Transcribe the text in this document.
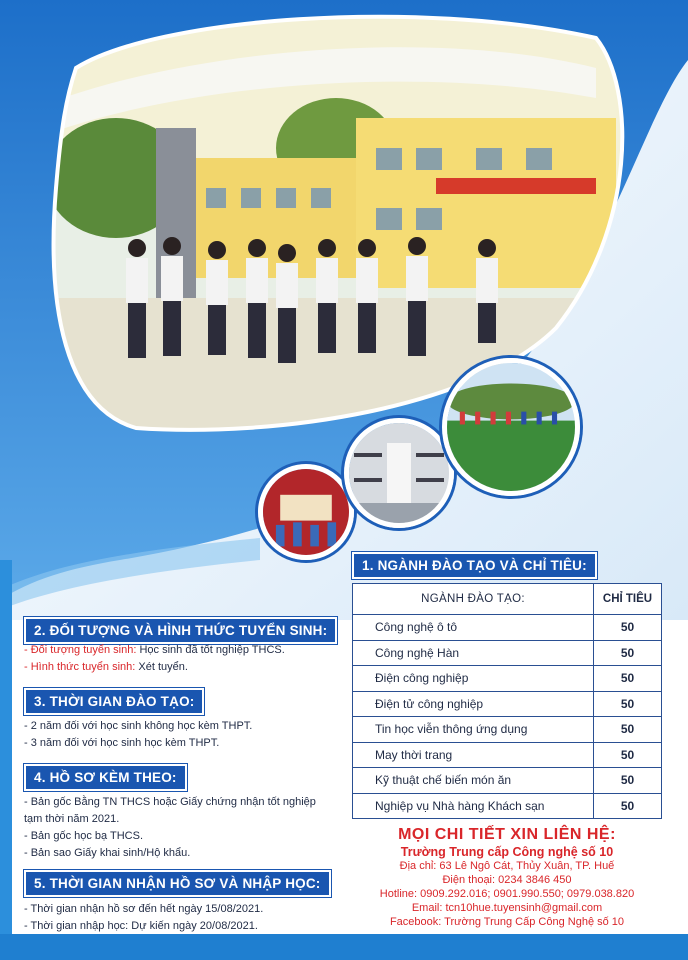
1. NGÀNH ĐÀO TẠO VÀ CHỈ TIÊU:
NGÀNH ĐÀO TẠO:	CHỈ TIÊU
Công nghệ ô tô	50
Công nghệ Hàn	50
Điện công nghiệp	50
Điện tử công nghiệp	50
Tin học viễn thông ứng dụng	50
May thời trang	50
Kỹ thuật chế biến món ăn	50
Nghiệp vụ Nhà hàng Khách sạn	50
2. ĐỐI TƯỢNG VÀ HÌNH THỨC TUYỂN SINH:
- Đối tượng tuyển sinh: Học sinh đã tốt nghiệp THCS.
- Hình thức tuyển sinh: Xét tuyển.
3. THỜI GIAN ĐÀO TẠO:
- 2 năm đối với học sinh không học kèm THPT.
- 3 năm đối với học sinh học kèm THPT.
4. HỒ SƠ KÈM THEO:
- Bản gốc Bằng TN THCS hoặc Giấy chứng nhận tốt nghiệp
tạm thời năm 2021.
- Bản gốc học bạ THCS.
- Bản sao Giấy khai sinh/Hộ khẩu.
5. THỜI GIAN NHẬN HỒ SƠ VÀ NHẬP HỌC:
- Thời gian nhận hồ sơ đến hết ngày 15/08/2021.
- Thời gian nhập học: Dự kiến ngày 20/08/2021.
MỌI CHI TIẾT XIN LIÊN HỆ:
Trường Trung cấp Công nghệ số 10
Địa chỉ: 63 Lê Ngô Cát, Thủy Xuân, TP. Huế
Điện thoại: 0234 3846 450
Hotline: 0909.292.016; 0901.990.550; 0979.038.820
Email: tcn10hue.tuyensinh@gmail.com
Facebook: Trường Trung Cấp Công Nghệ số 10
